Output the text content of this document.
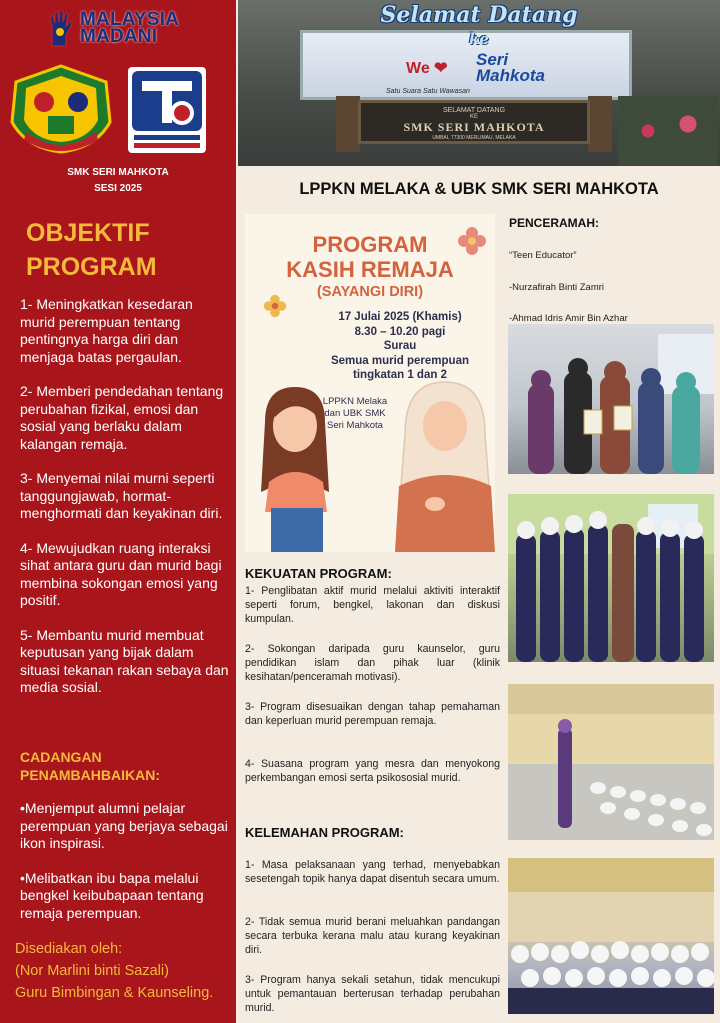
MALAYSIA
MADANI
SMK SERI MAHKOTA
SESI 2025
OBJEKTIF
PROGRAM

1- Meningkatkan kesedaran murid perempuan tentang pentingnya harga diri dan menjaga batas pergaulan.

2- Memberi pendedahan tentang perubahan fizikal, emosi dan sosial yang berlaku dalam kalangan remaja.

3- Menyemai nilai murni seperti tanggungjawab, hormat-menghormati dan keyakinan diri.

4- Mewujudkan ruang interaksi sihat antara guru dan murid bagi membina sokongan emosi yang positif.

5- Membantu murid membuat keputusan yang bijak dalam situasi tekanan rakan sebaya dan media sosial.

CADANGAN
PENAMBAHBAIKAN:

•Menjemput alumni pelajar perempuan yang berjaya sebagai ikon inspirasi.

•Melibatkan ibu bapa melalui bengkel keibubapaan tentang remaja perempuan.

Disediakan oleh:
(Nor Marlini binti Sazali)
Guru Bimbingan & Kaunseling.
Selamat Datang
ke
We ❤ Seri
Mahkota
Satu Suara Satu Wawasan
SELAMAT DATANG
KE
SMK SERI MAHKOTA
UMBAI, 77300 MERLIMAU, MELAKA
LPPKN MELAKA & UBK SMK SERI MAHKOTA
PROGRAM
KASIH REMAJA
(SAYANGI DIRI)
17 Julai 2025 (Khamis)
8.30 – 10.20 pagi
Surau
Semua murid perempuan
tingkatan 1 dan 2
LPPKN Melaka
dan UBK SMK
Seri Mahkota
PENCERAMAH:
“Teen Educator”
-Nurzafirah Binti Zamri
-Ahmad Idris Amir Bin Azhar
KEKUATAN PROGRAM:
1- Penglibatan aktif murid melalui aktiviti interaktif seperti forum, bengkel, lakonan dan diskusi kumpulan.
2- Sokongan daripada guru kaunselor, guru pendidikan islam dan pihak luar (klinik kesihatan/penceramah motivasi).
3- Program disesuaikan dengan tahap pemahaman dan keperluan murid perempuan remaja.
4- Suasana program yang mesra dan menyokong perkembangan emosi serta psikososial murid.
KELEMAHAN PROGRAM:
1- Masa pelaksanaan yang terhad, menyebabkan sesetengah topik hanya dapat disentuh secara umum.
2- Tidak semua murid berani meluahkan pandangan secara terbuka kerana malu atau kurang keyakinan diri.
3- Program hanya sekali setahun, tidak mencukupi untuk pemantauan berterusan terhadap perubahan murid.
